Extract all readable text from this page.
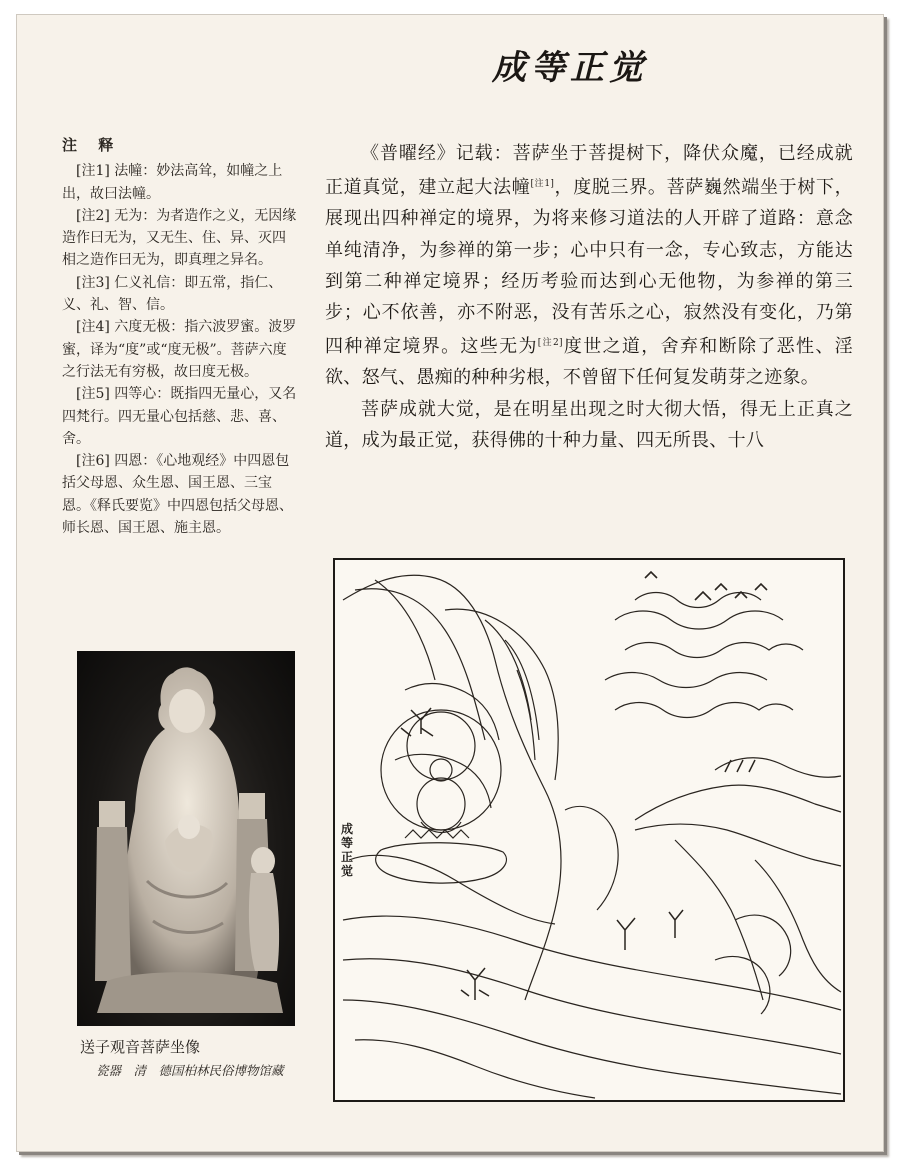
成等正觉
注 释

[注1] 法幢：妙法高耸，如幢之上出，故曰法幢。

[注2] 无为：为者造作之义，无因缘造作曰无为，又无生、住、异、灭四相之造作曰无为，即真理之异名。

[注3] 仁义礼信：即五常，指仁、义、礼、智、信。

[注4] 六度无极：指六波罗蜜。波罗蜜，译为“度”或“度无极”。菩萨六度之行法无有穷极，故曰度无极。

[注5] 四等心：既指四无量心，又名四梵行。四无量心包括慈、悲、喜、舍。

[注6] 四恩：《心地观经》中四恩包括父母恩、众生恩、国王恩、三宝恩。《释氏要览》中四恩包括父母恩、师长恩、国王恩、施主恩。

送子观音菩萨坐像
瓷器　清　德国柏林民俗博物馆藏

《普曜经》记载：菩萨坐于菩提树下，降伏众魔，已经成就正道真觉，建立起大法幢[注1]，度脱三界。菩萨巍然端坐于树下，展现出四种禅定的境界，为将来修习道法的人开辟了道路：意念单纯清净，为参禅的第一步；心中只有一念，专心致志，方能达到第二种禅定境界；经历考验而达到心无他物，为参禅的第三步；心不依善，亦不附恶，没有苦乐之心，寂然没有变化，乃第四种禅定境界。这些无为[注2]度世之道，舍弃和断除了恶性、淫欲、怒气、愚痴的种种劣根，不曾留下任何复发萌芽之迹象。

菩萨成就大觉，是在明星出现之时大彻大悟，得无上正真之道，成为最正觉，获得佛的十种力量、四无所畏、十八

成等正觉
